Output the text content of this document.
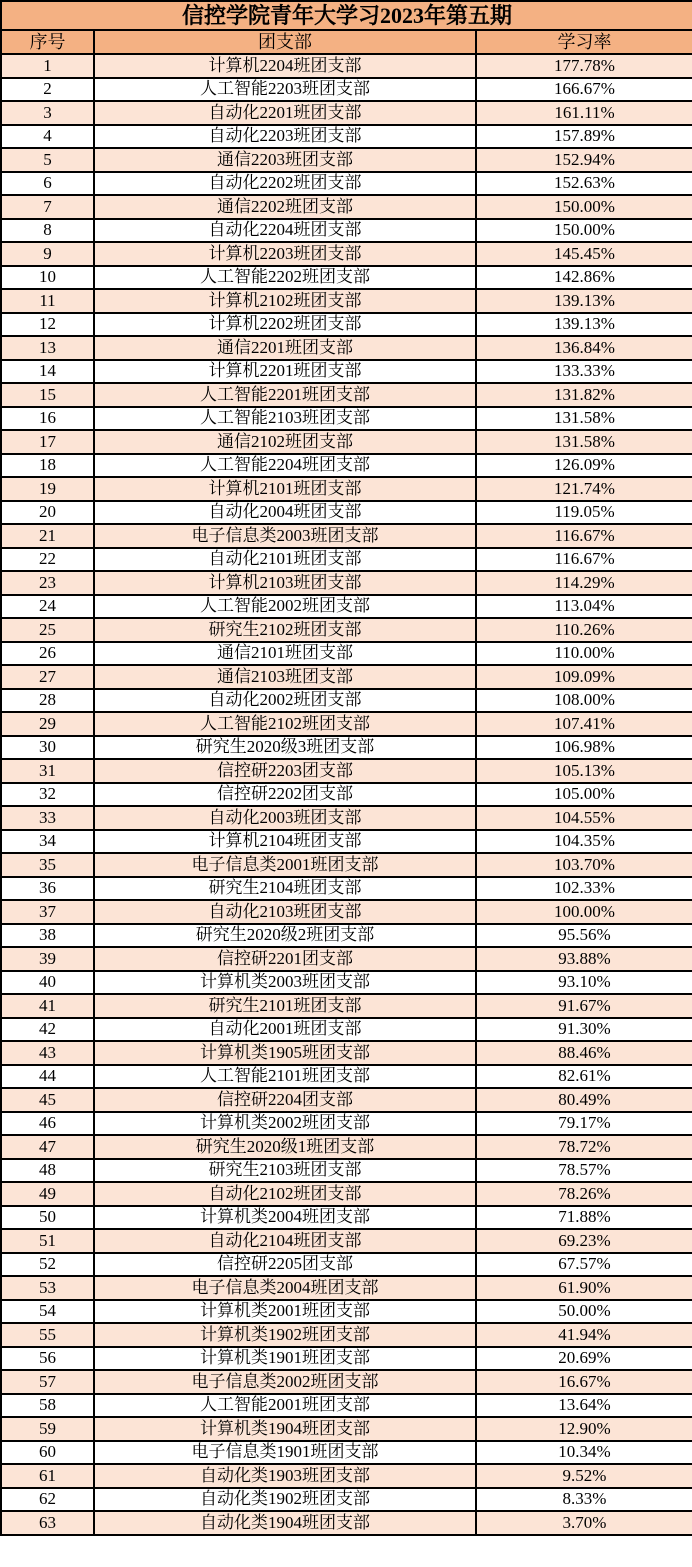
信控学院青年大学习2023年第五期		
序号	团支部	学习率
1	计算机2204班团支部	177.78%
2	人工智能2203班团支部	166.67%
3	自动化2201班团支部	161.11%
4	自动化2203班团支部	157.89%
5	通信2203班团支部	152.94%
6	自动化2202班团支部	152.63%
7	通信2202班团支部	150.00%
8	自动化2204班团支部	150.00%
9	计算机2203班团支部	145.45%
10	人工智能2202班团支部	142.86%
11	计算机2102班团支部	139.13%
12	计算机2202班团支部	139.13%
13	通信2201班团支部	136.84%
14	计算机2201班团支部	133.33%
15	人工智能2201班团支部	131.82%
16	人工智能2103班团支部	131.58%
17	通信2102班团支部	131.58%
18	人工智能2204班团支部	126.09%
19	计算机2101班团支部	121.74%
20	自动化2004班团支部	119.05%
21	电子信息类2003班团支部	116.67%
22	自动化2101班团支部	116.67%
23	计算机2103班团支部	114.29%
24	人工智能2002班团支部	113.04%
25	研究生2102班团支部	110.26%
26	通信2101班团支部	110.00%
27	通信2103班团支部	109.09%
28	自动化2002班团支部	108.00%
29	人工智能2102班团支部	107.41%
30	研究生2020级3班团支部	106.98%
31	信控研2203团支部	105.13%
32	信控研2202团支部	105.00%
33	自动化2003班团支部	104.55%
34	计算机2104班团支部	104.35%
35	电子信息类2001班团支部	103.70%
36	研究生2104班团支部	102.33%
37	自动化2103班团支部	100.00%
38	研究生2020级2班团支部	95.56%
39	信控研2201团支部	93.88%
40	计算机类2003班团支部	93.10%
41	研究生2101班团支部	91.67%
42	自动化2001班团支部	91.30%
43	计算机类1905班团支部	88.46%
44	人工智能2101班团支部	82.61%
45	信控研2204团支部	80.49%
46	计算机类2002班团支部	79.17%
47	研究生2020级1班团支部	78.72%
48	研究生2103班团支部	78.57%
49	自动化2102班团支部	78.26%
50	计算机类2004班团支部	71.88%
51	自动化2104班团支部	69.23%
52	信控研2205团支部	67.57%
53	电子信息类2004班团支部	61.90%
54	计算机类2001班团支部	50.00%
55	计算机类1902班团支部	41.94%
56	计算机类1901班团支部	20.69%
57	电子信息类2002班团支部	16.67%
58	人工智能2001班团支部	13.64%
59	计算机类1904班团支部	12.90%
60	电子信息类1901班团支部	10.34%
61	自动化类1903班团支部	9.52%
62	自动化类1902班团支部	8.33%
63	自动化类1904班团支部	3.70%
